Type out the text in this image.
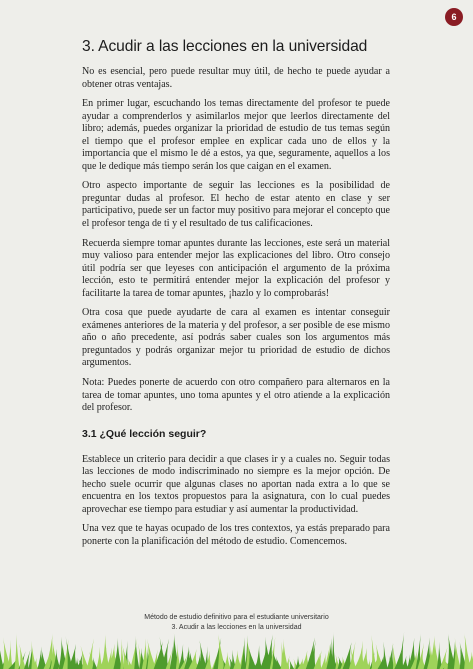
6
3. Acudir a las lecciones en la universidad

No es esencial, pero puede resultar muy útil, de hecho te puede ayudar a obtener otras ventajas.

En primer lugar, escuchando los temas directamente del profesor te puede ayudar a comprenderlos y asimilarlos mejor que leerlos directamente del libro; además, puedes organizar la prioridad de estudio de tus temas según el tiempo que el profesor emplee en explicar cada uno de ellos y la importancia que el mismo le dé a estos, ya que, seguramente, aquellos a los que le dedique más tiempo serán los que caigan en el examen.

Otro aspecto importante de seguir las lecciones es la posibilidad de preguntar dudas al profesor. El hecho de estar atento en clase y ser participativo, puede ser un factor muy positivo para mejorar el concepto que el profesor tenga de ti y el resultado de tus calificaciones.

Recuerda siempre tomar apuntes durante las lecciones, este será un material muy valioso para entender mejor las explicaciones del libro. Otro consejo útil podría ser que leyeses con anticipación el argumento de la próxima lección, esto te permitirá entender mejor la explicación del profesor y facilitarte la tarea de tomar apuntes, ¡hazlo y lo comprobarás!

Otra cosa que puede ayudarte de cara al examen es intentar conseguir exámenes anteriores de la materia y del profesor, a ser posible de ese mismo año o año precedente, así podrás saber cuales son los argumentos más preguntados y podrás organizar mejor tu prioridad de estudio de dichos argumentos.

Nota: Puedes ponerte de acuerdo con otro compañero para alternaros en la tarea de tomar apuntes, uno toma apuntes y el otro atiende a la explicación del profesor.

3.1 ¿Qué lección seguir?

Establece un criterio para decidir a que clases ir y a cuales no. Seguir todas las lecciones de modo indiscriminado no siempre es la mejor opción. De hecho suele ocurrir que algunas clases no aportan nada extra a lo que se encuentra en los textos propuestos para la asignatura, con lo cual puedes aprovechar ese tiempo para estudiar y así aumentar la productividad.

Una vez que te hayas ocupado de los tres contextos, ya estás preparado para ponerte con la planificación del método de estudio. Comencemos.

Método de estudio definitivo para el estudiante universitario
3. Acudir a las lecciones en la universidad
